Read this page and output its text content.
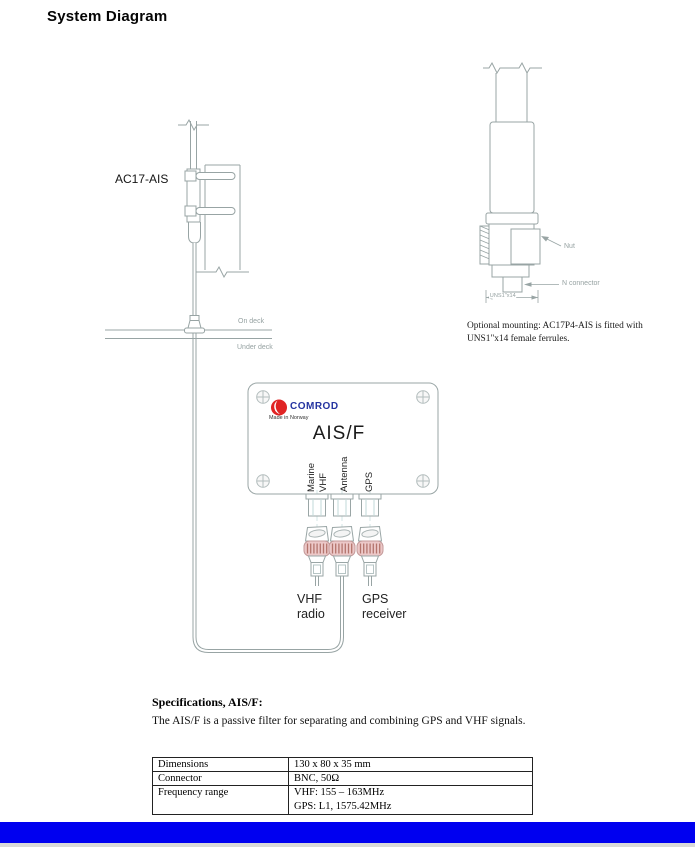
System Diagram
AC17-AIS
On deck
Under deck
Nut
N connector
UNS1"x14
Optional mounting: AC17P4-AIS is fitted with UNS1"x14 female ferrules.
COMROD
Made in Norway
AIS/F
Marine VHF Antenna GPS
VHF radio
GPS receiver
Specifications, AIS/F:
The AIS/F is a passive filter for separating and combining GPS and VHF signals.
Dimensions	130 x 80 x 35 mm
Connector	BNC, 50Ω
Frequency range	VHF: 155 – 163MHz
GPS: L1, 1575.42MHz
